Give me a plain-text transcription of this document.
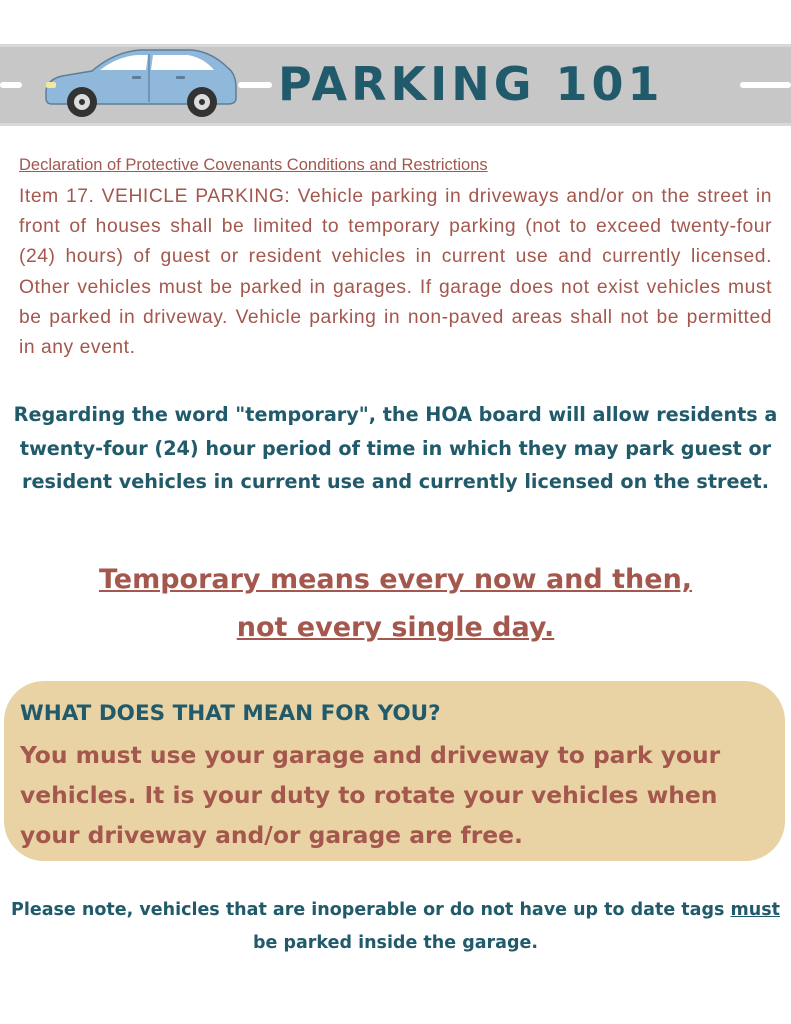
PARKING 101
Declaration of Protective Covenants Conditions and Restrictions

Item 17. VEHICLE PARKING: Vehicle parking in driveways and/or on the street in front of houses shall be limited to temporary parking (not to exceed twenty-four (24) hours) of guest or resident vehicles in current use and currently licensed. Other vehicles must be parked in garages. If garage does not exist vehicles must be parked in driveway. Vehicle parking in non-paved areas shall not be permitted in any event.

Regarding the word "temporary", the HOA board will allow residents a twenty-four (24) hour period of time in which they may park guest or resident vehicles in current use and currently licensed on the street.

Temporary means every now and then,
not every single day.
WHAT DOES THAT MEAN FOR YOU?

You must use your garage and driveway to park your vehicles. It is your duty to rotate your vehicles when your driveway and/or garage are free.

Please note, vehicles that are inoperable or do not have up to date tags must be parked inside the garage.
